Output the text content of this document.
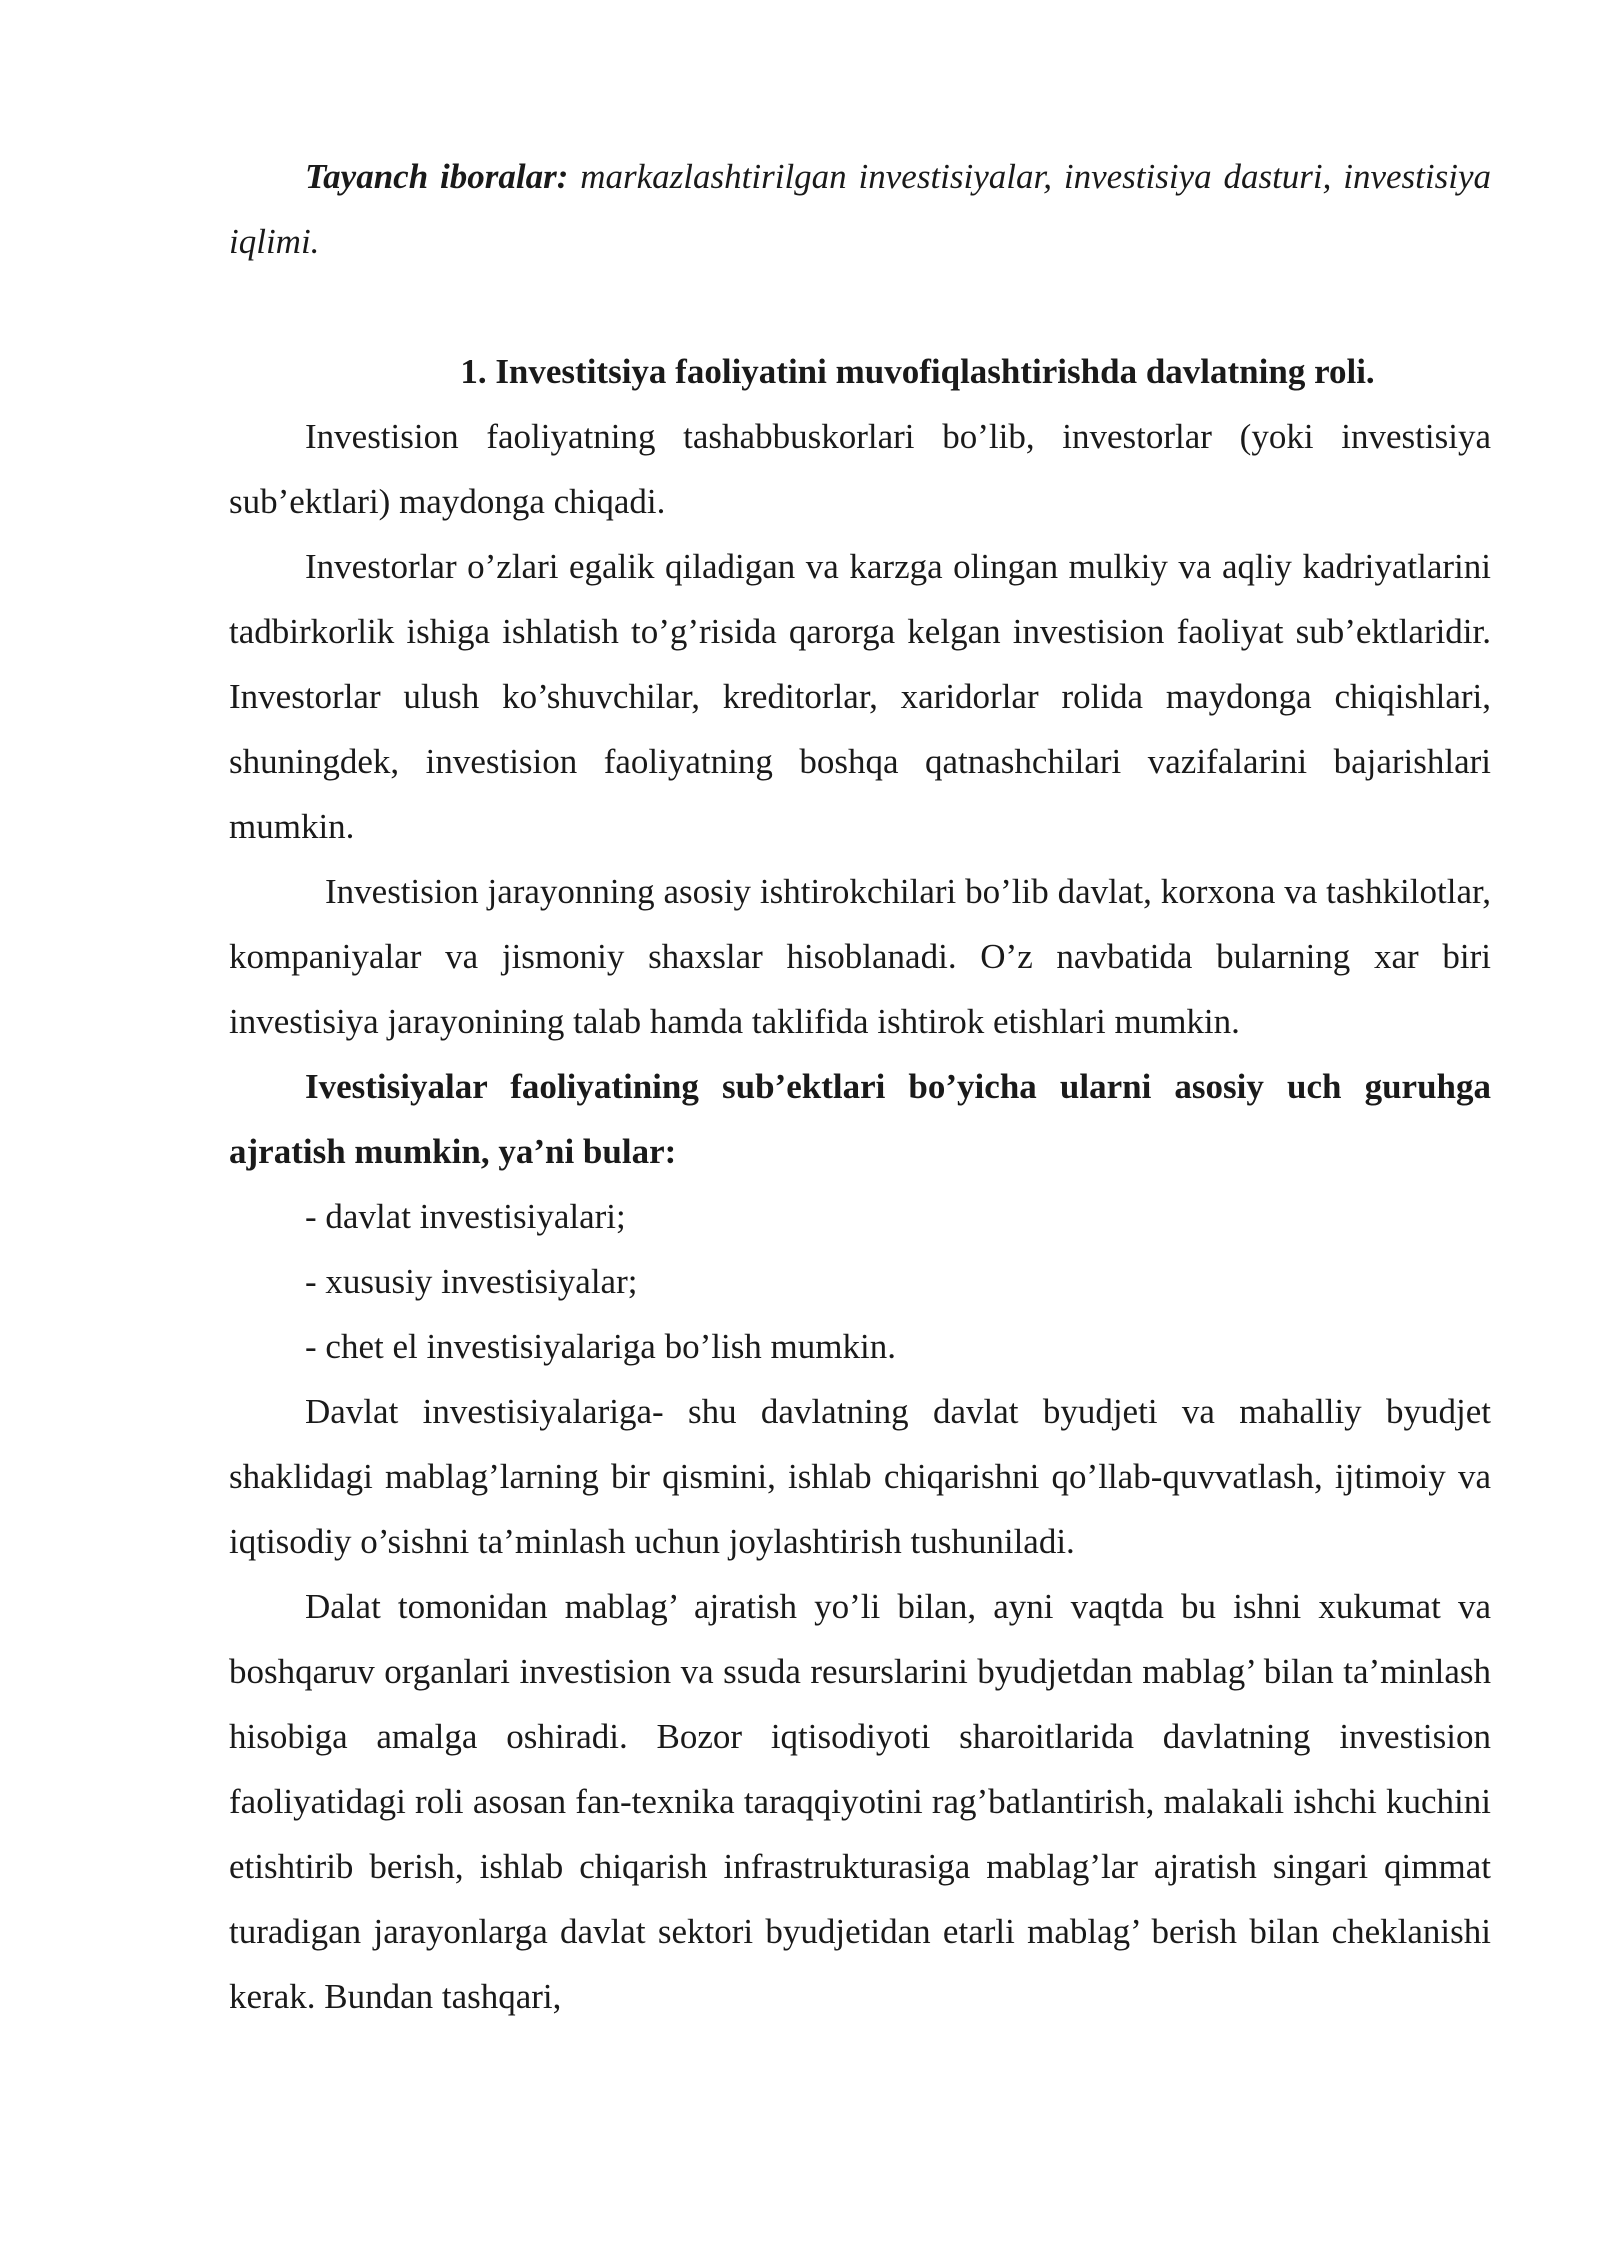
Tayanch iboralar: markazlashtirilgan investisiyalar, investisiya dasturi, investisiya iqlimi.

1. Investitsiya faoliyatini muvofiqlashtirishda davlatning roli.

Investision faoliyatning tashabbuskorlari bo’lib, investorlar (yoki investisiya sub’ektlari) maydonga chiqadi.

Investorlar o’zlari egalik qiladigan va karzga olingan mulkiy va aqliy kadriyatlarini tadbirkorlik ishiga ishlatish to’g’risida qarorga kelgan investision faoliyat sub’ektlaridir. Investorlar ulush ko’shuvchilar, kreditorlar, xaridorlar rolida maydonga chiqishlari, shuningdek, investision faoliyatning boshqa qatnashchilari vazifalarini bajarishlari mumkin.

Investision jarayonning asosiy ishtirokchilari bo’lib davlat, korxona va tashkilotlar, kompaniyalar va jismoniy shaxslar hisoblanadi. O’z navbatida bularning xar biri investisiya jarayonining talab hamda taklifida ishtirok etishlari mumkin.

Ivestisiyalar faoliyatining sub’ektlari bo’yicha ularni asosiy uch guruhga ajratish mumkin, ya’ni bular:

- davlat investisiyalari;

- xususiy investisiyalar;

- chet el investisiyalariga bo’lish mumkin.

Davlat investisiyalariga- shu davlatning davlat byudjeti va mahalliy byudjet shaklidagi mablag’larning bir qismini, ishlab chiqarishni qo’llab-quvvatlash, ijtimoiy va iqtisodiy o’sishni ta’minlash uchun joylashtirish tushuniladi.

Dalat tomonidan mablag’ ajratish yo’li bilan, ayni vaqtda bu ishni xukumat va boshqaruv organlari investision va ssuda resurslarini byudjetdan mablag’ bilan ta’minlash hisobiga amalga oshiradi. Bozor iqtisodiyoti sharoitlarida davlatning investision faoliyatidagi roli asosan fan-texnika taraqqiyotini rag’batlantirish, malakali ishchi kuchini etishtirib berish, ishlab chiqarish infrastrukturasiga mablag’lar ajratish singari qimmat turadigan jarayonlarga davlat sektori byudjetidan etarli mablag’ berish bilan cheklanishi kerak. Bundan tashqari,
